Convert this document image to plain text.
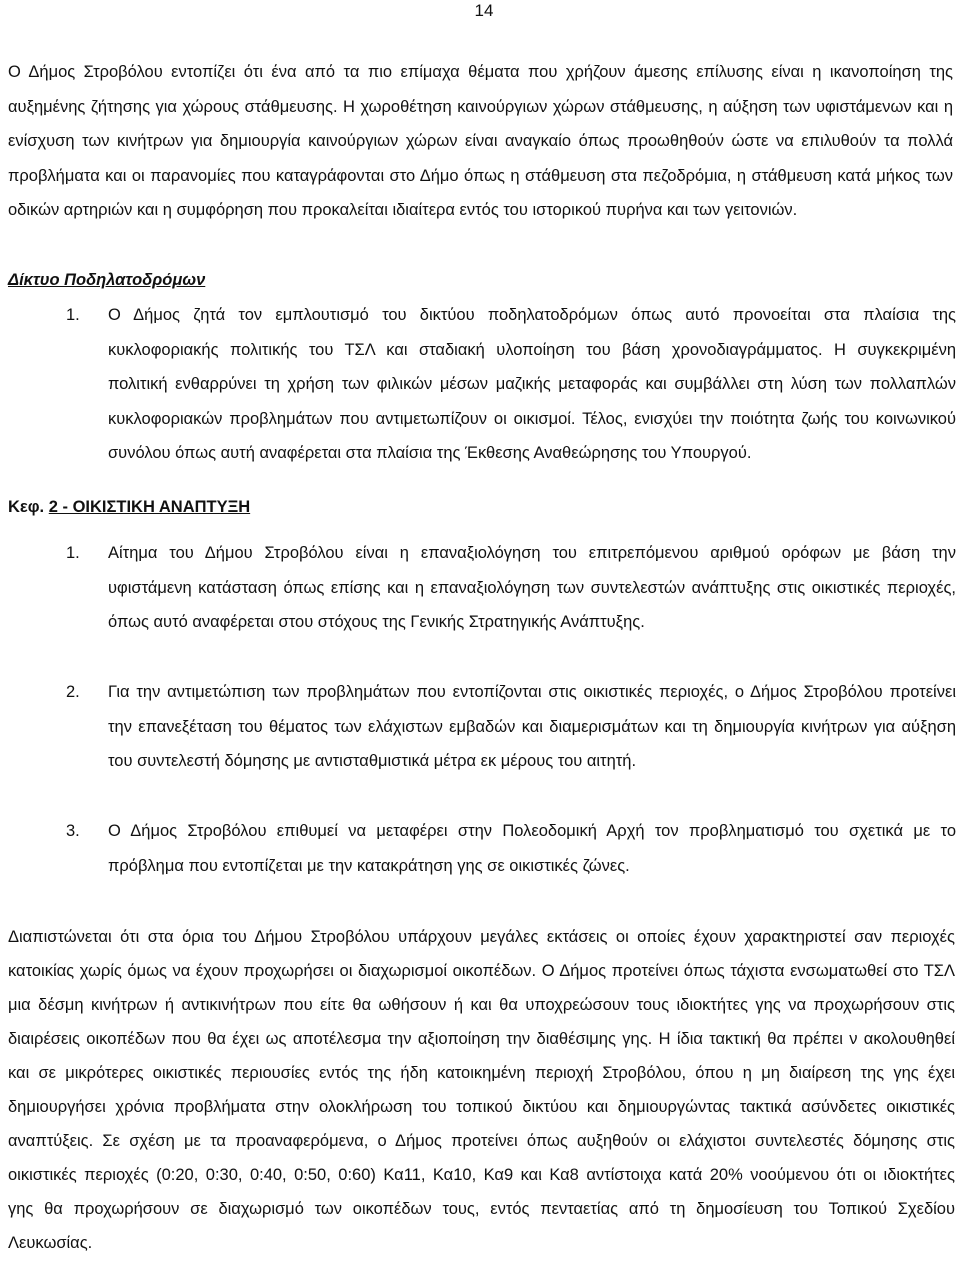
14
Ο Δήμος Στροβόλου εντοπίζει ότι ένα από τα πιο επίμαχα θέματα που χρήζουν άμεσης επίλυσης είναι η ικανοποίηση της
αυξημένης ζήτησης για χώρους στάθμευσης. Η χωροθέτηση καινούργιων χώρων στάθμευσης, η αύξηση των υφιστάμενων και η
ενίσχυση των κινήτρων για δημιουργία καινούργιων χώρων είναι αναγκαίο όπως προωθηθούν ώστε να επιλυθούν τα πολλά
προβλήματα και οι παρανομίες που καταγράφονται στο Δήμο όπως η στάθμευση στα πεζοδρόμια, η στάθμευση κατά μήκος των
οδικών αρτηριών και η συμφόρηση που προκαλείται ιδιαίτερα εντός του ιστορικού πυρήνα και των γειτονιών.
Δίκτυο Ποδηλατοδρόμων
1. Ο Δήμος ζητά τον εμπλουτισμό του δικτύου ποδηλατοδρόμων όπως αυτό προνοείται στα πλαίσια της
κυκλοφοριακής πολιτικής του ΤΣΛ και σταδιακή υλοποίηση του βάση χρονοδιαγράμματος. Η συγκεκριμένη
πολιτική ενθαρρύνει τη χρήση των φιλικών μέσων μαζικής μεταφοράς και συμβάλλει στη λύση των πολλαπλών
κυκλοφοριακών προβλημάτων που αντιμετωπίζουν οι οικισμοί. Τέλος, ενισχύει την ποιότητα ζωής του κοινωνικού
συνόλου όπως αυτή αναφέρεται στα πλαίσια της Έκθεσης Αναθεώρησης του Υπουργού.
Κεφ. 2 - ΟΙΚΙΣΤΙΚΗ ΑΝΑΠΤΥΞΗ
1. Αίτημα του Δήμου Στροβόλου είναι η επαναξιολόγηση του επιτρεπόμενου αριθμού ορόφων με βάση την
υφιστάμενη κατάσταση όπως επίσης και η επαναξιολόγηση των συντελεστών ανάπτυξης στις οικιστικές περιοχές,
όπως αυτό αναφέρεται στου στόχους της Γενικής Στρατηγικής Ανάπτυξης.
2. Για την αντιμετώπιση των προβλημάτων που εντοπίζονται στις οικιστικές περιοχές, ο Δήμος Στροβόλου προτείνει
την επανεξέταση του θέματος των ελάχιστων εμβαδών και διαμερισμάτων και τη δημιουργία κινήτρων για αύξηση
του συντελεστή δόμησης με αντισταθμιστικά μέτρα εκ μέρους του αιτητή.
3. Ο Δήμος Στροβόλου επιθυμεί να μεταφέρει στην Πολεοδομική Αρχή τον προβληματισμό του σχετικά με το
πρόβλημα που εντοπίζεται με την κατακράτηση γης σε οικιστικές ζώνες.
Διαπιστώνεται ότι στα όρια του Δήμου Στροβόλου υπάρχουν μεγάλες εκτάσεις οι οποίες έχουν χαρακτηριστεί σαν περιοχές
κατοικίας χωρίς όμως να έχουν προχωρήσει οι διαχωρισμοί οικοπέδων. Ο Δήμος προτείνει όπως τάχιστα ενσωματωθεί στο ΤΣΛ
μια δέσμη κινήτρων ή αντικινήτρων που είτε θα ωθήσουν ή και θα υποχρεώσουν τους ιδιοκτήτες γης να προχωρήσουν στις
διαιρέσεις οικοπέδων που θα έχει ως αποτέλεσμα την αξιοποίηση την διαθέσιμης γης. Η ίδια τακτική θα πρέπει ν ακολουθηθεί
και σε μικρότερες οικιστικές περιουσίες εντός της ήδη κατοικημένη περιοχή Στροβόλου, όπου η μη διαίρεση της γης έχει
δημιουργήσει χρόνια προβλήματα στην ολοκλήρωση του τοπικού δικτύου και δημιουργώντας τακτικά ασύνδετες οικιστικές
αναπτύξεις. Σε σχέση με τα προαναφερόμενα, ο Δήμος προτείνει όπως αυξηθούν οι ελάχιστοι συντελεστές δόμησης στις
οικιστικές περιοχές (0:20, 0:30, 0:40, 0:50, 0:60) Κα11, Κα10, Κα9 και Κα8 αντίστοιχα κατά 20% νοούμενου ότι οι ιδιοκτήτες
γης θα προχωρήσουν σε διαχωρισμό των οικοπέδων τους, εντός πενταετίας από τη δημοσίευση του Τοπικού Σχεδίου
Λευκωσίας.
